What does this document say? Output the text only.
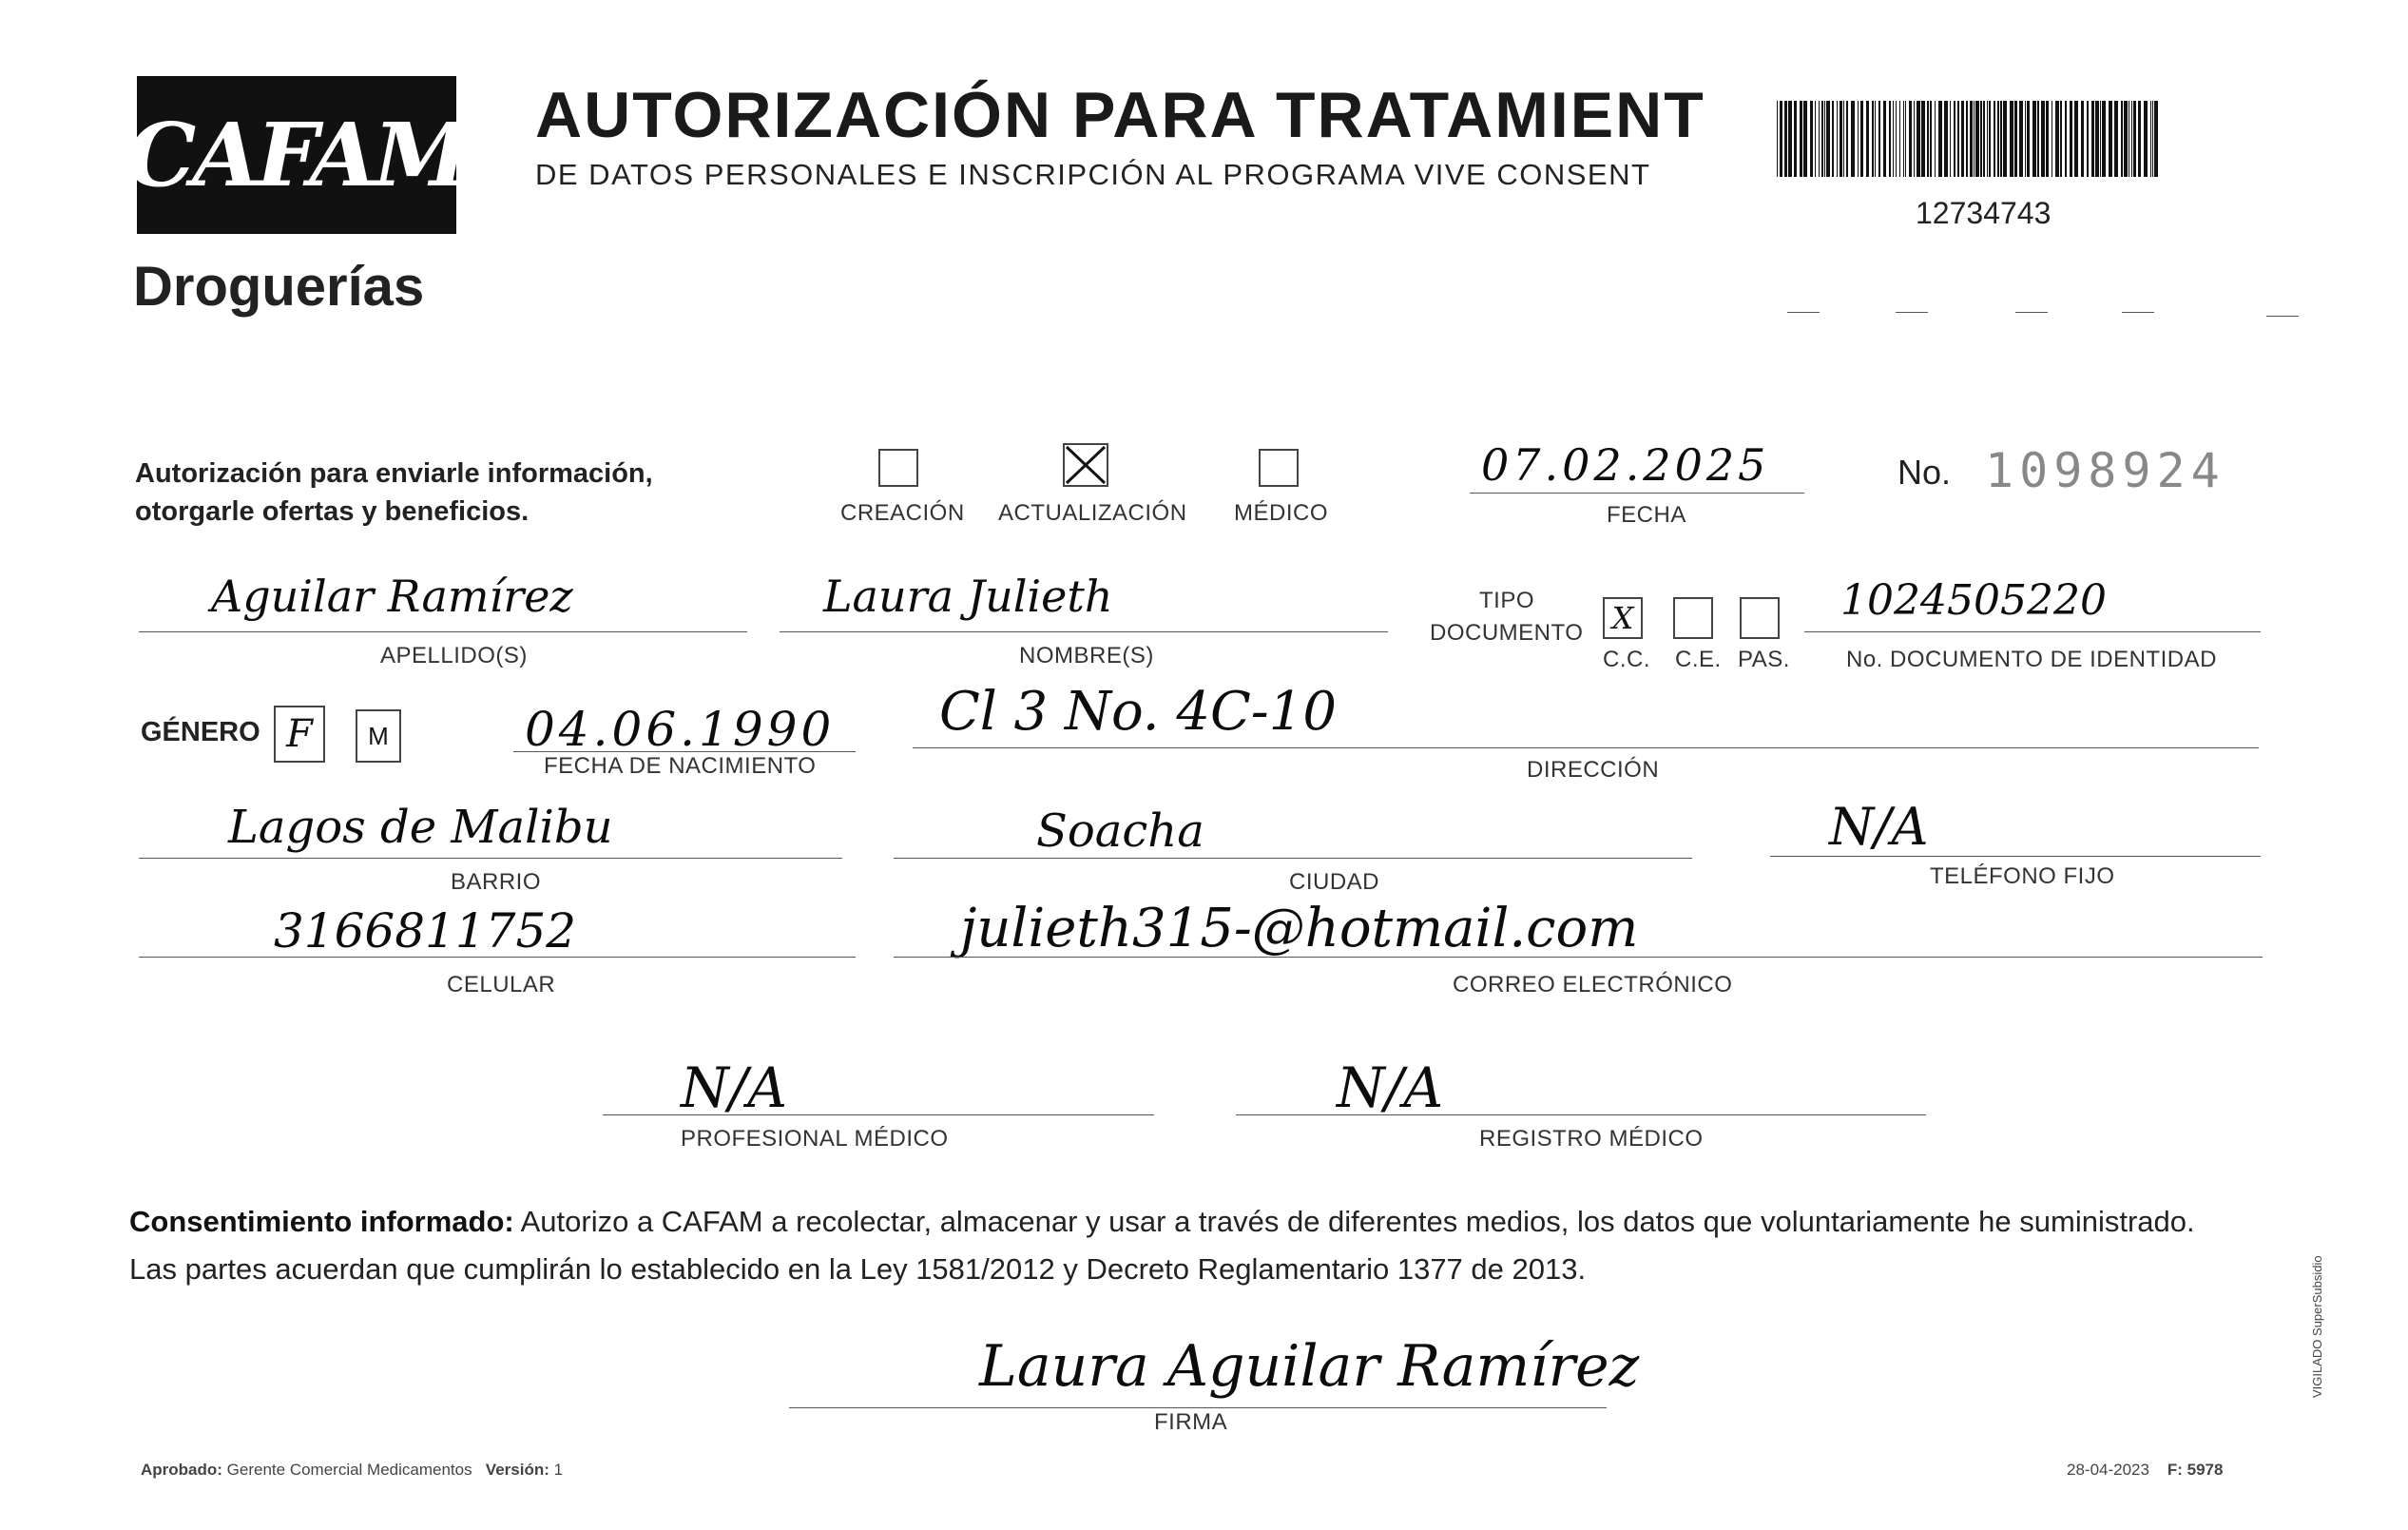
CAFAM
Droguerías
AUTORIZACIÓN PARA TRATAMIENT
DE DATOS PERSONALES E INSCRIPCIÓN AL PROGRAMA VIVE CONSENT
12734743
Autorización para enviarle información,
otorgarle ofertas y beneficios.	CREACIÓN ACTUALIZACIÓN MÉDICO
07.02.2025
FECHA
No. 1098924
Aguilar Ramírez
APELLIDO(S)
Laura Julieth
NOMBRE(S)
TIPO
DOCUMENTO X
C.C. C.E. PAS.
1024505220
No. DOCUMENTO DE IDENTIDAD
GÉNERO F	M	04.06.1990
FECHA DE NACIMIENTO
Cl 3 No. 4C-10
DIRECCIÓN
Lagos de Malibu
BARRIO
Soacha
CIUDAD
N/A
TELÉFONO FIJO
3166811752
CELULAR
julieth315-@hotmail.com
CORREO ELECTRÓNICO
N/A
PROFESIONAL MÉDICO
N/A
REGISTRO MÉDICO
Consentimiento informado: Autorizo a CAFAM a recolectar, almacenar y usar a través de diferentes medios, los datos que voluntariamente he suministrado.
Las partes acuerdan que cumplirán lo establecido en la Ley 1581/2012 y Decreto Reglamentario 1377 de 2013.
Laura Aguilar Ramírez
FIRMA
Aprobado: Gerente Comercial Medicamentos Versión: 1	28-04-2023 F: 5978
VIGILADO SuperSubsidio
